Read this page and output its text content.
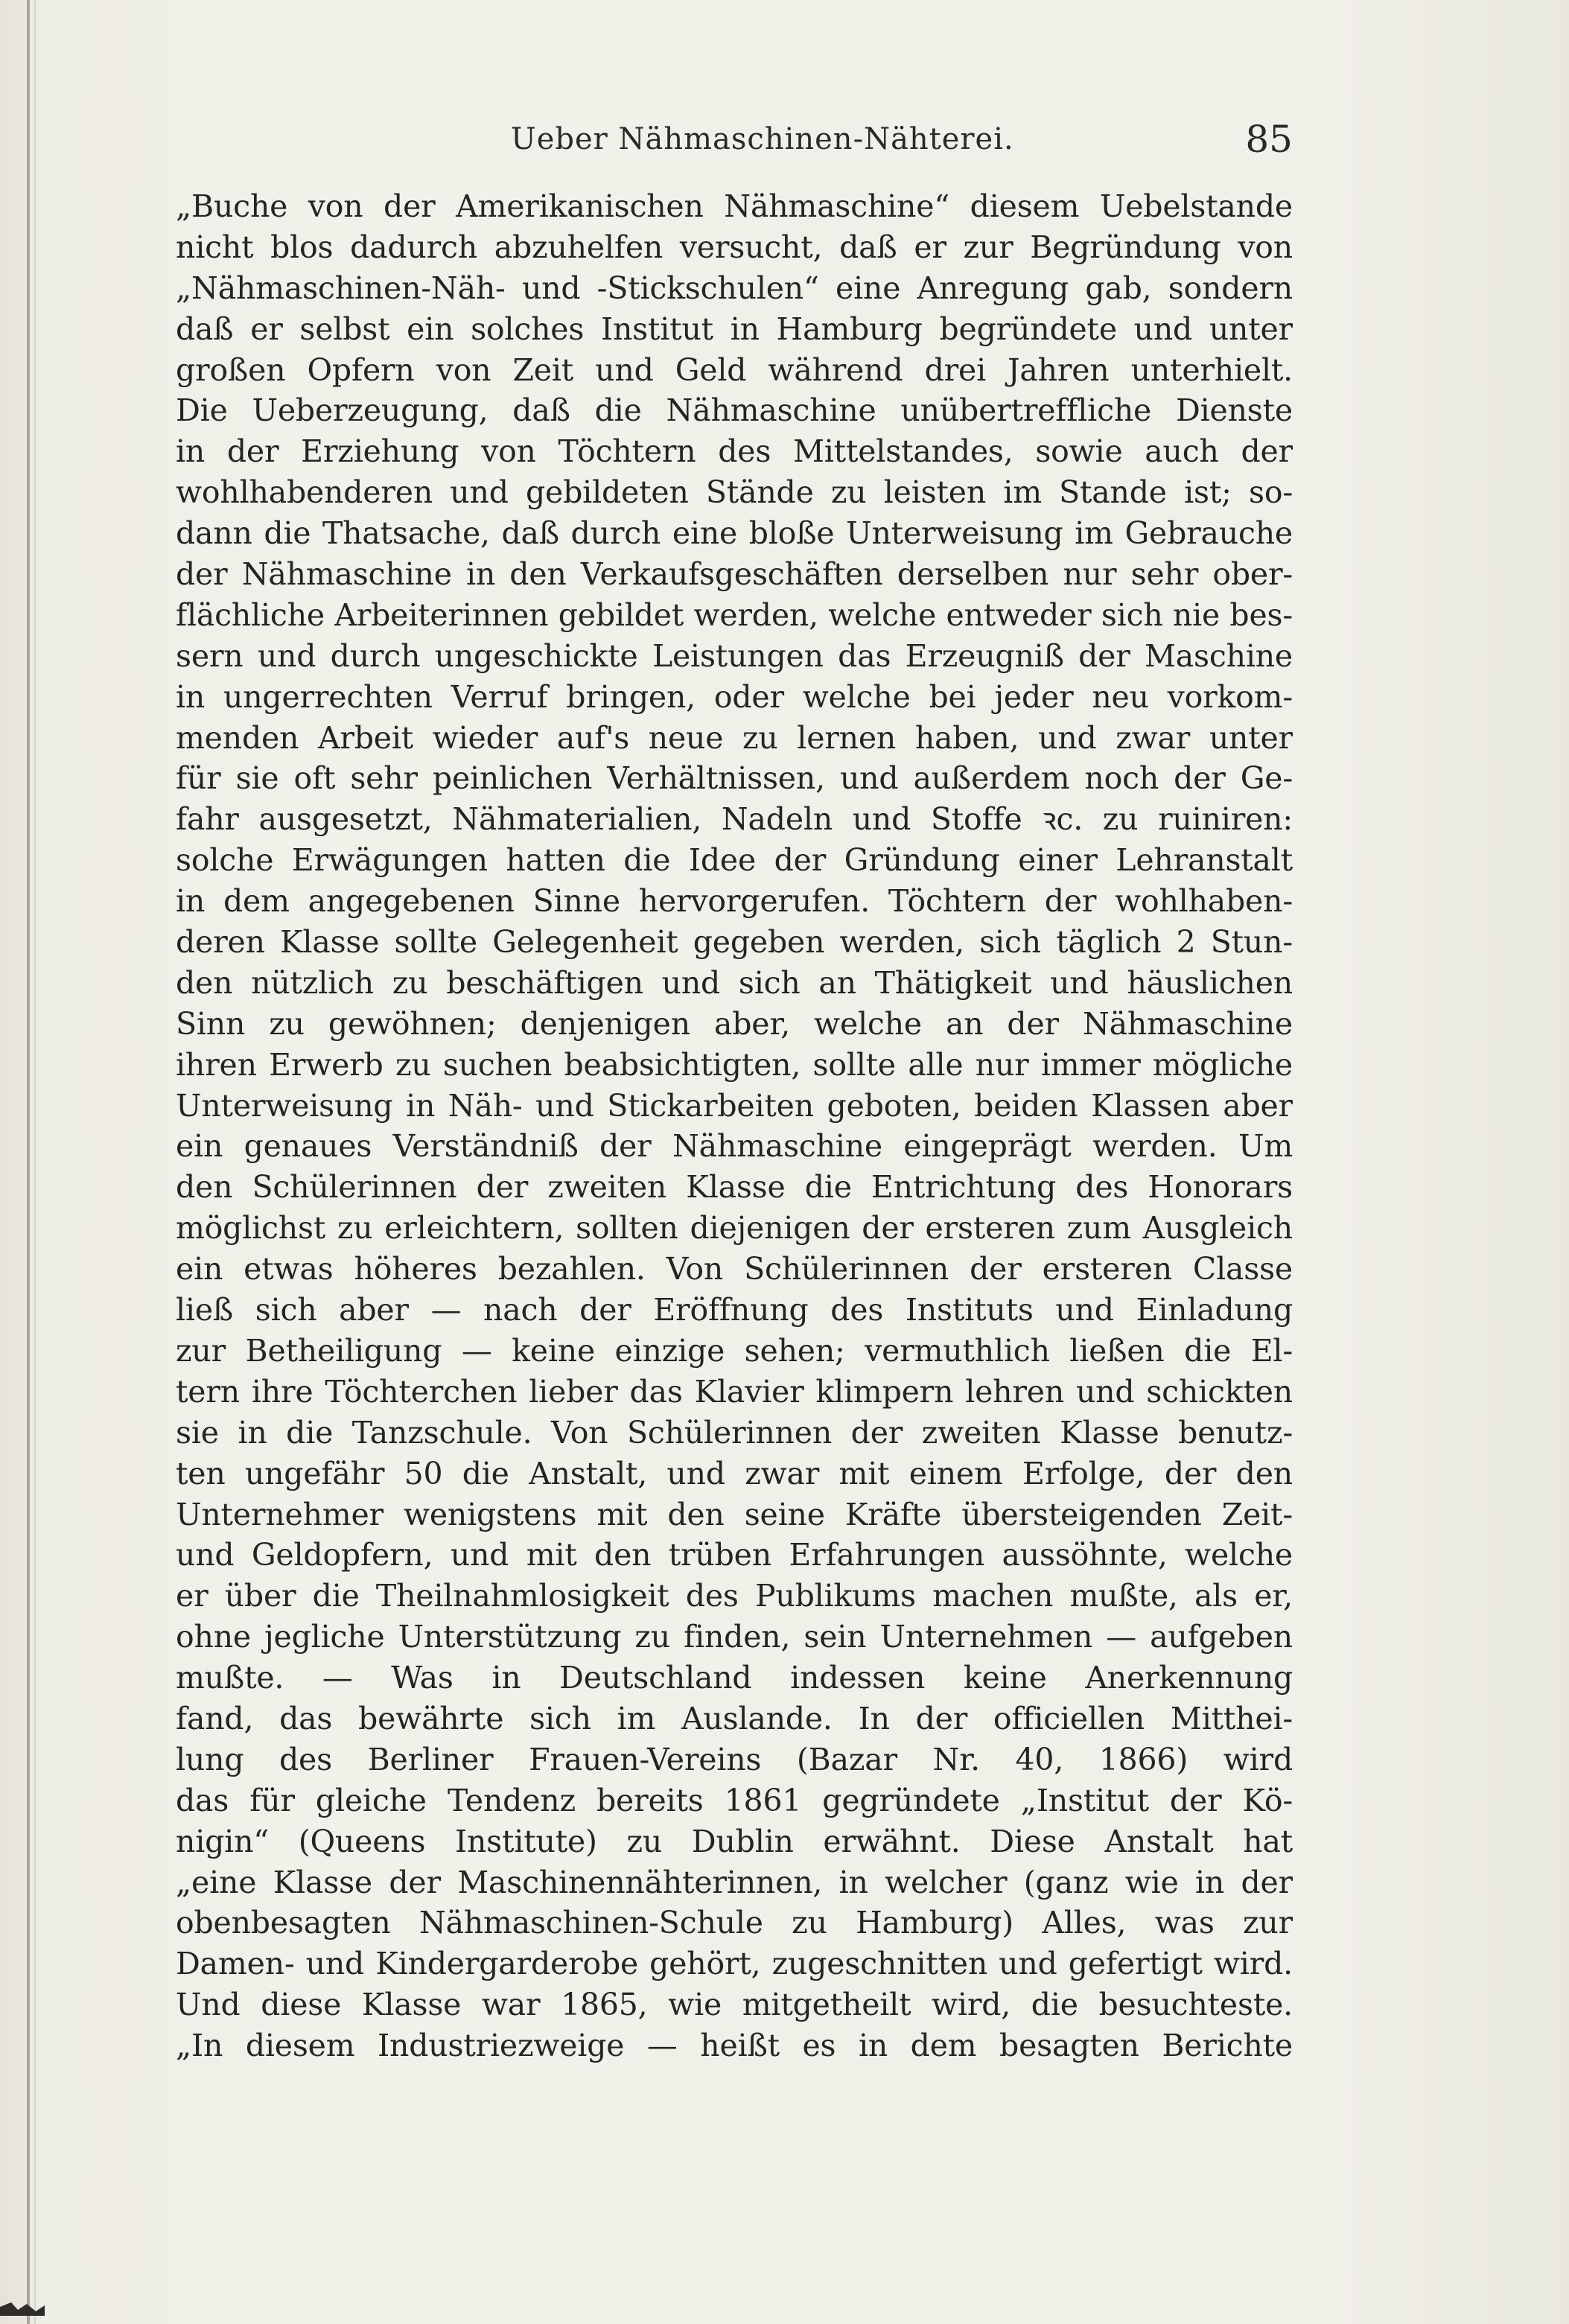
Ueber Nähmaschinen-Nähterei.	85
„Buche von der Amerikanischen Nähmaschine“ diesem Uebelstande
nicht blos dadurch abzuhelfen versucht, daß er zur Begründung von
„Nähmaschinen-Näh- und -Stickschulen“ eine Anregung gab, sondern
daß er selbst ein solches Institut in Hamburg begründete und unter
großen Opfern von Zeit und Geld während drei Jahren unterhielt.
Die Ueberzeugung, daß die Nähmaschine unübertreffliche Dienste
in der Erziehung von Töchtern des Mittelstandes, sowie auch der
wohlhabenderen und gebildeten Stände zu leisten im Stande ist; so-
dann die Thatsache, daß durch eine bloße Unterweisung im Gebrauche
der Nähmaschine in den Verkaufsgeschäften derselben nur sehr ober-
flächliche Arbeiterinnen gebildet werden, welche entweder sich nie bes-
sern und durch ungeschickte Leistungen das Erzeugniß der Maschine
in ungerrechten Verruf bringen, oder welche bei jeder neu vorkom-
menden Arbeit wieder auf's neue zu lernen haben, und zwar unter
für sie oft sehr peinlichen Verhältnissen, und außerdem noch der Ge-
fahr ausgesetzt, Nähmaterialien, Nadeln und Stoffe ꝛc. zu ruiniren:
solche Erwägungen hatten die Idee der Gründung einer Lehranstalt
in dem angegebenen Sinne hervorgerufen. Töchtern der wohlhaben-
deren Klasse sollte Gelegenheit gegeben werden, sich täglich 2 Stun-
den nützlich zu beschäftigen und sich an Thätigkeit und häuslichen
Sinn zu gewöhnen; denjenigen aber, welche an der Nähmaschine
ihren Erwerb zu suchen beabsichtigten, sollte alle nur immer mögliche
Unterweisung in Näh- und Stickarbeiten geboten, beiden Klassen aber
ein genaues Verständniß der Nähmaschine eingeprägt werden. Um
den Schülerinnen der zweiten Klasse die Entrichtung des Honorars
möglichst zu erleichtern, sollten diejenigen der ersteren zum Ausgleich
ein etwas höheres bezahlen. Von Schülerinnen der ersteren Classe
ließ sich aber — nach der Eröffnung des Instituts und Einladung
zur Betheiligung — keine einzige sehen; vermuthlich ließen die El-
tern ihre Töchterchen lieber das Klavier klimpern lehren und schickten
sie in die Tanzschule. Von Schülerinnen der zweiten Klasse benutz-
ten ungefähr 50 die Anstalt, und zwar mit einem Erfolge, der den
Unternehmer wenigstens mit den seine Kräfte übersteigenden Zeit-
und Geldopfern, und mit den trüben Erfahrungen aussöhnte, welche
er über die Theilnahmlosigkeit des Publikums machen mußte, als er,
ohne jegliche Unterstützung zu finden, sein Unternehmen — aufgeben
mußte. — Was in Deutschland indessen keine Anerkennung
fand, das bewährte sich im Auslande. In der officiellen Mitthei-
lung des Berliner Frauen-Vereins (Bazar Nr. 40, 1866) wird
das für gleiche Tendenz bereits 1861 gegründete „Institut der Kö-
nigin“ (Queens Institute) zu Dublin erwähnt. Diese Anstalt hat
„eine Klasse der Maschinennähterinnen, in welcher (ganz wie in der
obenbesagten Nähmaschinen-Schule zu Hamburg) Alles, was zur
Damen- und Kindergarderobe gehört, zugeschnitten und gefertigt wird.
Und diese Klasse war 1865, wie mitgetheilt wird, die besuchteste.
„In diesem Industriezweige — heißt es in dem besagten Berichte
